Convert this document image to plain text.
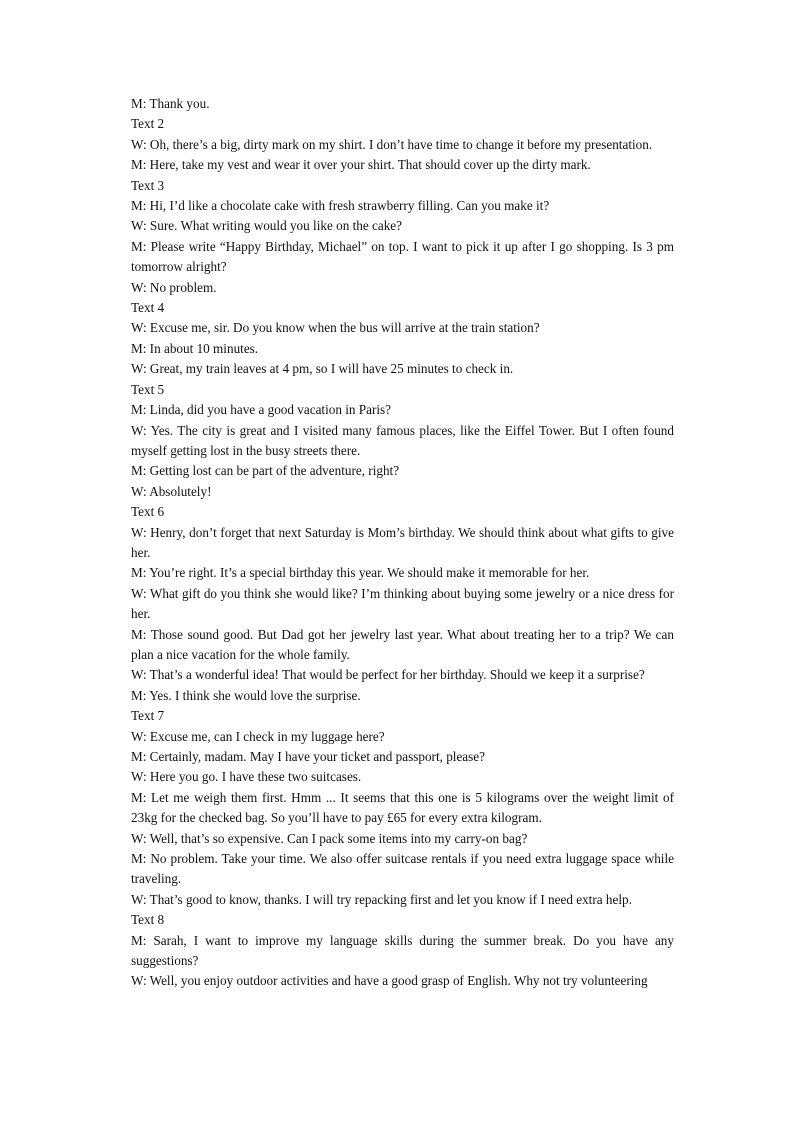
M: Thank you.

Text 2

W: Oh, there’s a big, dirty mark on my shirt. I don’t have time to change it before my presentation.

M: Here, take my vest and wear it over your shirt. That should cover up the dirty mark.

Text 3

M: Hi, I’d like a chocolate cake with fresh strawberry filling. Can you make it?

W: Sure. What writing would you like on the cake?

M: Please write “Happy Birthday, Michael” on top. I want to pick it up after I go shopping. Is 3 pm tomorrow alright?

W: No problem.

Text 4

W: Excuse me, sir. Do you know when the bus will arrive at the train station?

M: In about 10 minutes.

W: Great, my train leaves at 4 pm, so I will have 25 minutes to check in.

Text 5

M: Linda, did you have a good vacation in Paris?

W: Yes. The city is great and I visited many famous places, like the Eiffel Tower. But I often found myself getting lost in the busy streets there.

M: Getting lost can be part of the adventure, right?

W: Absolutely!

Text 6

W: Henry, don’t forget that next Saturday is Mom’s birthday. We should think about what gifts to give her.

M: You’re right. It’s a special birthday this year. We should make it memorable for her.

W: What gift do you think she would like? I’m thinking about buying some jewelry or a nice dress for her.

M: Those sound good. But Dad got her jewelry last year. What about treating her to a trip? We can plan a nice vacation for the whole family.

W: That’s a wonderful idea! That would be perfect for her birthday. Should we keep it a surprise?

M: Yes. I think she would love the surprise.

Text 7

W: Excuse me, can I check in my luggage here?

M: Certainly, madam. May I have your ticket and passport, please?

W: Here you go. I have these two suitcases.

M: Let me weigh them first. Hmm ... It seems that this one is 5 kilograms over the weight limit of 23kg for the checked bag. So you’ll have to pay £65 for every extra kilogram.

W: Well, that’s so expensive. Can I pack some items into my carry-on bag?

M: No problem. Take your time. We also offer suitcase rentals if you need extra luggage space while traveling.

W: That’s good to know, thanks. I will try repacking first and let you know if I need extra help.

Text 8

M: Sarah, I want to improve my language skills during the summer break. Do you have any suggestions?

W: Well, you enjoy outdoor activities and have a good grasp of English. Why not try volunteering
